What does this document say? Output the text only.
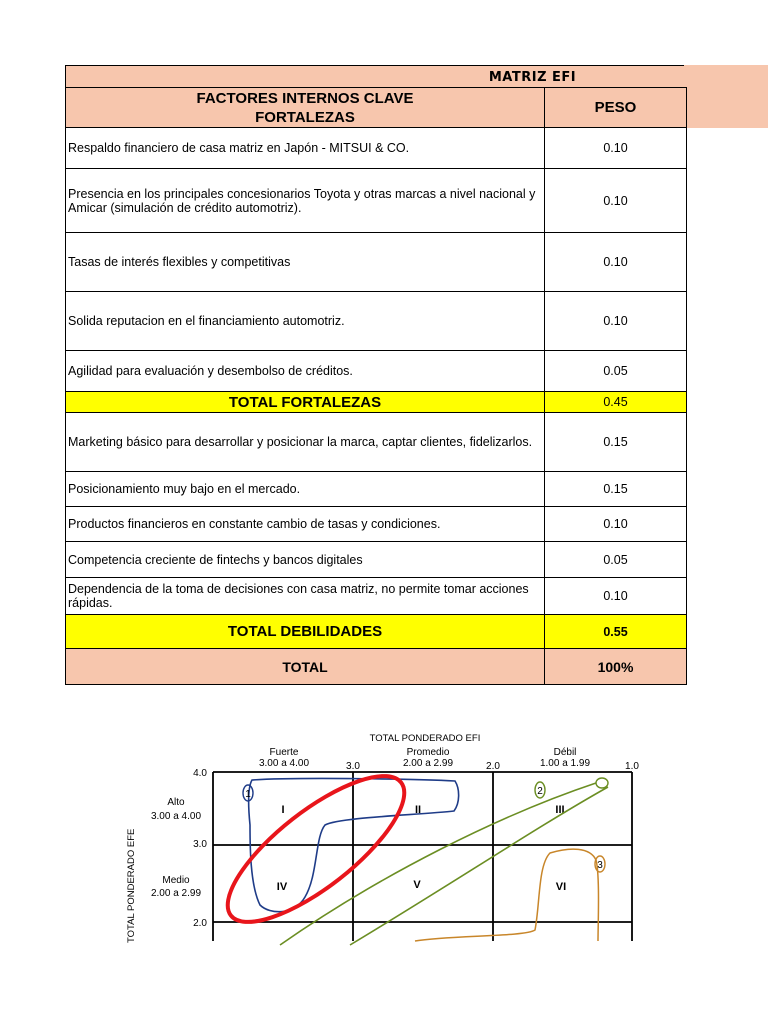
MATRIZ EFI
FACTORES INTERNOS CLAVE
FORTALEZAS	PESO
Respaldo financiero de casa matriz en Japón - MITSUI & CO.	0.10
Presencia en los principales concesionarios Toyota y otras marcas a nivel nacional y Amicar (simulación de crédito automotriz).	0.10
Tasas de interés flexibles y competitivas	0.10
Solida reputacion en el financiamiento automotriz.	0.10
Agilidad para evaluación y desembolso de créditos.	0.05
TOTAL FORTALEZAS	0.45
Marketing básico para desarrollar y posicionar la marca, captar clientes, fidelizarlos.	0.15
Posicionamiento muy bajo en el mercado.	0.15
Productos financieros en constante cambio de tasas y condiciones.	0.10
Competencia creciente de fintechs y bancos digitales	0.05
Dependencia de la toma de decisiones con casa matriz, no permite tomar acciones rápidas.	0.10
TOTAL DEBILIDADES	0.55
TOTAL	100%
TOTAL PONDERADO EFI
Fuerte
3.00 a 4.00
Promedio
2.00 a 2.99
Débil
1.00 a 1.99
3.0	2.0	1.0
4.0
3.0
2.0
Alto
3.00 a 4.00
Medio
2.00 a 2.99
TOTAL PONDERADO EFE
I	II	III
IV	V	VI
2
3
1
